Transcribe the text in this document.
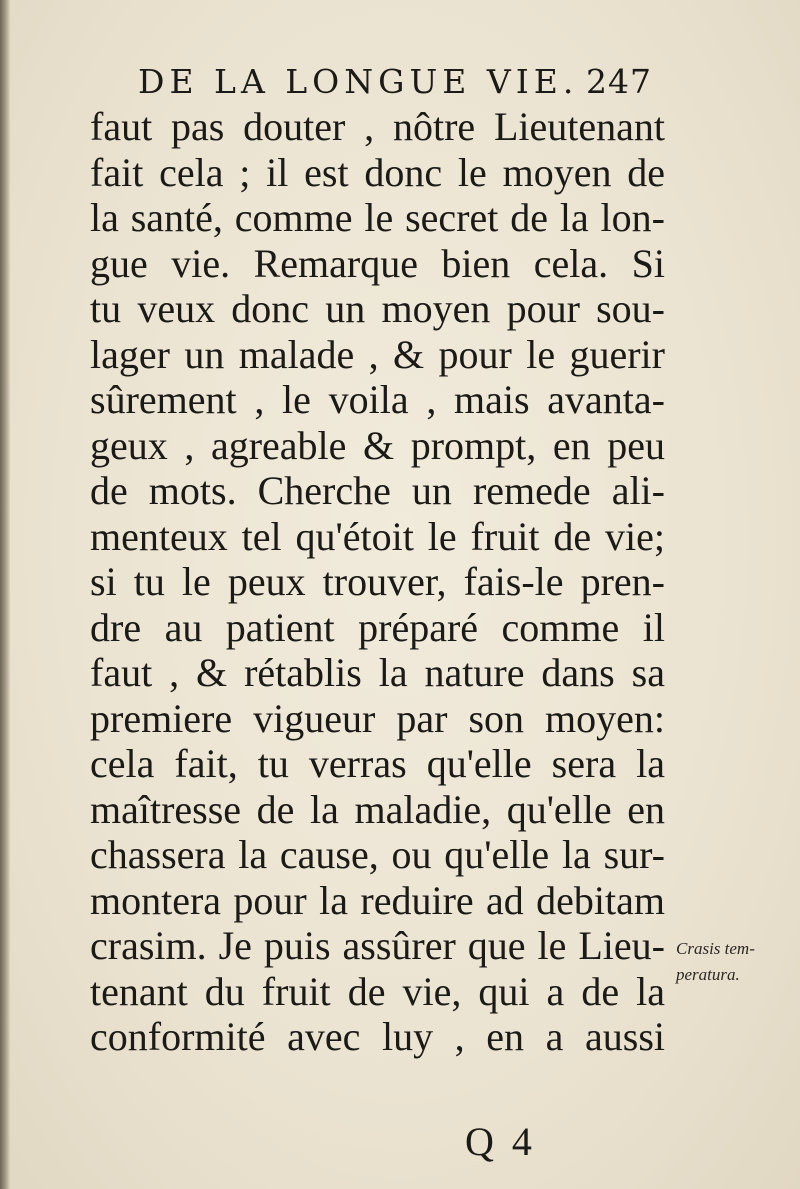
DE LA LONGUE VIE. 247
faut pas douter , nôtre Lieutenant
fait cela ; il est donc le moyen de
la santé, comme le secret de la lon-
gue vie. Remarque bien cela. Si
tu veux donc un moyen pour sou-
lager un malade , & pour le guerir
sûrement , le voila , mais avanta-
geux , agreable & prompt, en peu
de mots. Cherche un remede ali-
menteux tel qu'étoit le fruit de vie;
si tu le peux trouver, fais-le pren-
dre au patient préparé comme il
faut , & rétablis la nature dans sa
premiere vigueur par son moyen:
cela fait, tu verras qu'elle sera la
maîtresse de la maladie, qu'elle en
chassera la cause, ou qu'elle la sur-
montera pour la reduire ad debitam
crasim. Je puis assûrer que le Lieu-
tenant du fruit de vie, qui a de la
conformité avec luy , en a aussi
Crasis tem-
peratura.
Q 4
